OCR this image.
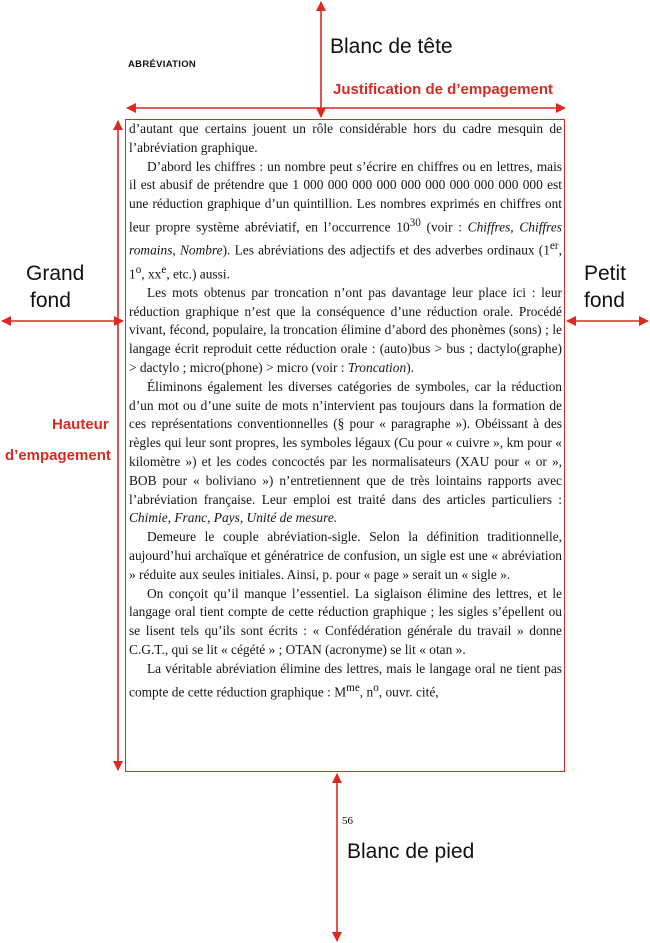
ABRÉVIATION
Blanc de tête
Justification de d’empagement
Grand
fond
Petit
fond
Hauteur
d’empagement
Blanc de pied

d’autant que certains jouent un rôle considérable hors du cadre mesquin de l’abréviation graphique.

D’abord les chiffres : un nombre peut s’écrire en chiffres ou en lettres, mais il est abusif de prétendre que 1 000 000 000 000 000 000 000 000 000 000 est une réduction graphique d’un quintillion. Les nombres exprimés en chiffres ont leur propre système abréviatif, en l’occurrence $10^{30}$ (voir : Chiffres, Chiffres romains, Nombre). Les abréviations des adjectifs et des adverbes ordinaux (1er, 1$^o$, $xx^e$, etc.) aussi.

Les mots obtenus par troncation n’ont pas davantage leur place ici : leur réduction graphique n’est que la conséquence d’une réduction orale. Procédé vivant, fécond, populaire, la troncation élimine d’abord des phonèmes (sons) ; le langage écrit reproduit cette réduction orale : (auto)bus > bus ; dactylo(graphe) > dactylo ; micro(phone) > micro (voir : Troncation).

Éliminons également les diverses catégories de symboles, car la réduction d’un mot ou d’une suite de mots n’intervient pas toujours dans la formation de ces représentations conventionnelles (§ pour « paragraphe »). Obéissant à des règles qui leur sont propres, les symboles légaux (Cu pour « cuivre », km pour « kilomètre ») et les codes concoctés par les normalisateurs (XAU pour « or », BOB pour « boliviano ») n’entretiennent que de très lointains rapports avec l’abréviation française. Leur emploi est traité dans des articles particuliers : Chimie, Franc, Pays, Unité de mesure.

Demeure le couple abréviation-sigle. Selon la définition traditionnelle, aujourd’hui archaïque et génératrice de confusion, un sigle est une « abréviation » réduite aux seules initiales. Ainsi, p. pour « page » serait un « sigle ».

On conçoit qu’il manque l’essentiel. La siglaison élimine des lettres, et le langage oral tient compte de cette réduction graphique ; les sigles s’épellent ou se lisent tels qu’ils sont écrits : « Confédération générale du travail » donne C.G.T., qui se lit « cégété » ; OTAN (acronyme) se lit « otan ».

La véritable abréviation élimine des lettres, mais le langage oral ne tient pas compte de cette réduction graphique : $M^{me}$, $n^o$, ouvr. cité,

56
